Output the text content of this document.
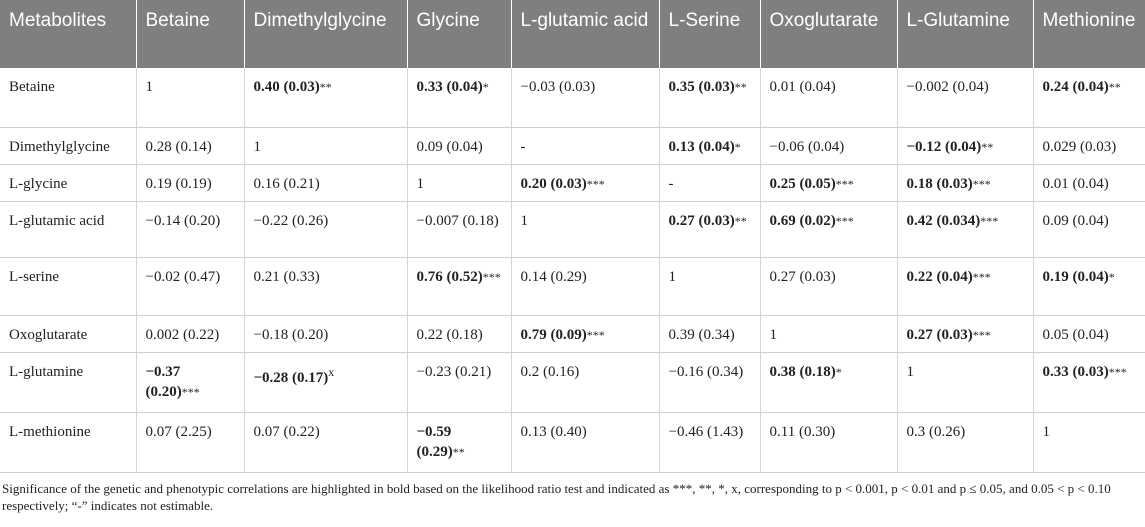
Metabolites	Betaine	Dimethylglycine	Glycine	L-glutamic acid	L-Serine	Oxoglutarate	L-Glutamine	Methionine
Betaine	1	0.40 (0.03)**	0.33 (0.04)*	−0.03 (0.03)	0.35 (0.03)**	0.01 (0.04)	−0.002 (0.04)	0.24 (0.04)**
Dimethylglycine	0.28 (0.14)	1	0.09 (0.04)	-	0.13 (0.04)*	−0.06 (0.04)	−0.12 (0.04)**	0.029 (0.03)
L-glycine	0.19 (0.19)	0.16 (0.21)	1	0.20 (0.03)***	-	0.25 (0.05)***	0.18 (0.03)***	0.01 (0.04)
L-glutamic acid	−0.14 (0.20)	−0.22 (0.26)	−0.007 (0.18)	1	0.27 (0.03)**	0.69 (0.02)***	0.42 (0.034)***	0.09 (0.04)
L-serine	−0.02 (0.47)	0.21 (0.33)	0.76 (0.52)***	0.14 (0.29)	1	0.27 (0.03)	0.22 (0.04)***	0.19 (0.04)*
Oxoglutarate	0.002 (0.22)	−0.18 (0.20)	0.22 (0.18)	0.79 (0.09)***	0.39 (0.34)	1	0.27 (0.03)***	0.05 (0.04)
L-glutamine	−0.37 (0.20)***	−0.28 $(0.17)^x$	−0.23 (0.21)	0.2 (0.16)	−0.16 (0.34)	0.38 (0.18)*	1	0.33 (0.03)***
L-methionine	0.07 (2.25)	0.07 (0.22)	−0.59 (0.29)**	0.13 (0.40)	−0.46 (1.43)	0.11 (0.30)	0.3 (0.26)	1
Significance of the genetic and phenotypic correlations are highlighted in bold based on the likelihood ratio test and indicated as ***, **, *, x, corresponding to p < 0.001, p < 0.01 and p ≤ 0.05, and 0.05 < p < 0.10 respectively; “-” indicates not estimable.
